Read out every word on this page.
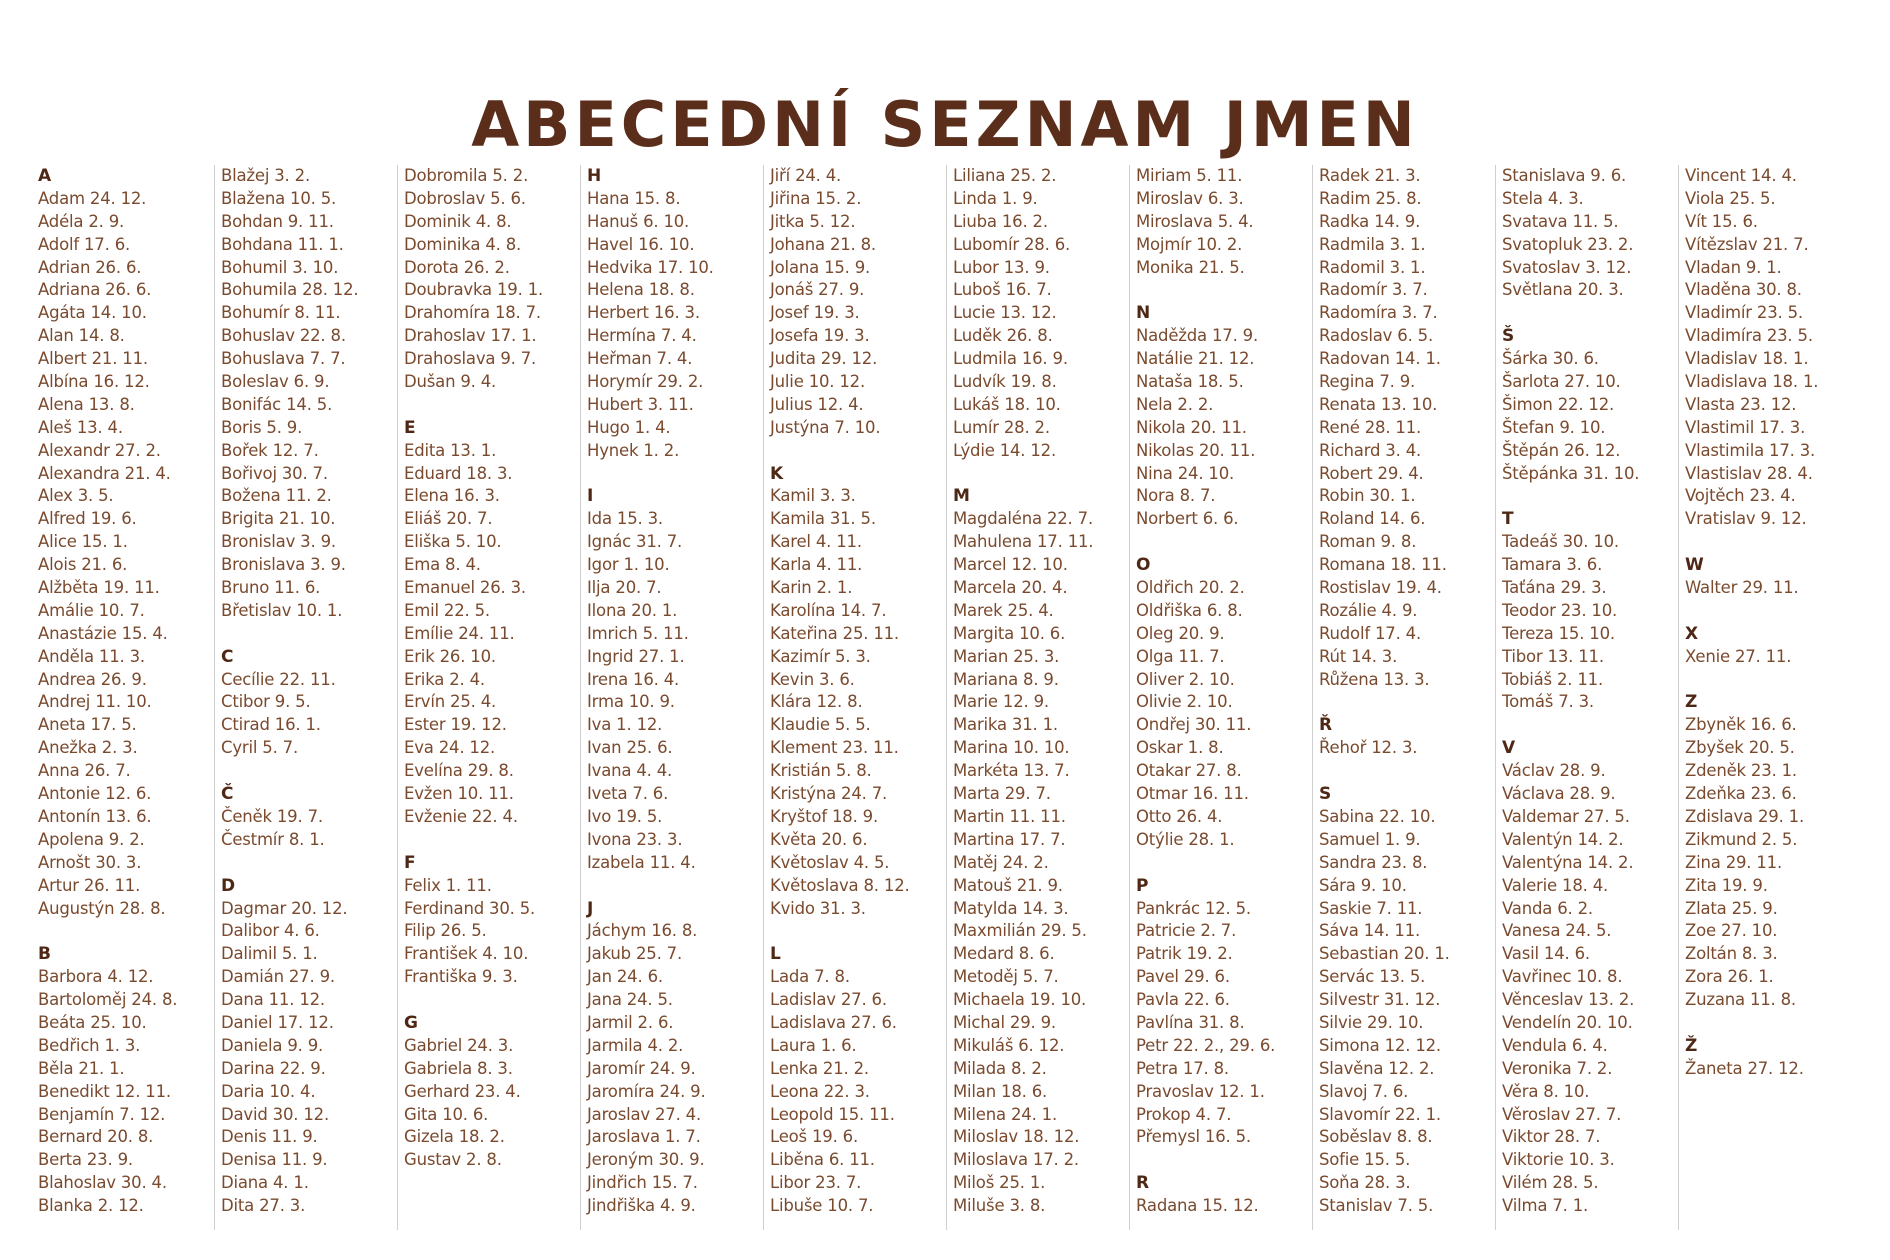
ABECEDNÍ SEZNAM JMEN
A
Adam 24. 12.
Adéla 2. 9.
Adolf 17. 6.
Adrian 26. 6.
Adriana 26. 6.
Agáta 14. 10.
Alan 14. 8.
Albert 21. 11.
Albína 16. 12.
Alena 13. 8.
Aleš 13. 4.
Alexandr 27. 2.
Alexandra 21. 4.
Alex 3. 5.
Alfred 19. 6.
Alice 15. 1.
Alois 21. 6.
Alžběta 19. 11.
Amálie 10. 7.
Anastázie 15. 4.
Anděla 11. 3.
Andrea 26. 9.
Andrej 11. 10.
Aneta 17. 5.
Anežka 2. 3.
Anna 26. 7.
Antonie 12. 6.
Antonín 13. 6.
Apolena 9. 2.
Arnošt 30. 3.
Artur 26. 11.
Augustýn 28. 8.
B
Barbora 4. 12.
Bartoloměj 24. 8.
Beáta 25. 10.
Bedřich 1. 3.
Běla 21. 1.
Benedikt 12. 11.
Benjamín 7. 12.
Bernard 20. 8.
Berta 23. 9.
Blahoslav 30. 4.
Blanka 2. 12.
Blažej 3. 2.
Blažena 10. 5.
Bohdan 9. 11.
Bohdana 11. 1.
Bohumil 3. 10.
Bohumila 28. 12.
Bohumír 8. 11.
Bohuslav 22. 8.
Bohuslava 7. 7.
Boleslav 6. 9.
Bonifác 14. 5.
Boris 5. 9.
Bořek 12. 7.
Bořivoj 30. 7.
Božena 11. 2.
Brigita 21. 10.
Bronislav 3. 9.
Bronislava 3. 9.
Bruno 11. 6.
Břetislav 10. 1.
C
Cecílie 22. 11.
Ctibor 9. 5.
Ctirad 16. 1.
Cyril 5. 7.
Č
Čeněk 19. 7.
Čestmír 8. 1.
D
Dagmar 20. 12.
Dalibor 4. 6.
Dalimil 5. 1.
Damián 27. 9.
Dana 11. 12.
Daniel 17. 12.
Daniela 9. 9.
Darina 22. 9.
Daria 10. 4.
David 30. 12.
Denis 11. 9.
Denisa 11. 9.
Diana 4. 1.
Dita 27. 3.
Dobromila 5. 2.
Dobroslav 5. 6.
Dominik 4. 8.
Dominika 4. 8.
Dorota 26. 2.
Doubravka 19. 1.
Drahomíra 18. 7.
Drahoslav 17. 1.
Drahoslava 9. 7.
Dušan 9. 4.
E
Edita 13. 1.
Eduard 18. 3.
Elena 16. 3.
Eliáš 20. 7.
Eliška 5. 10.
Ema 8. 4.
Emanuel 26. 3.
Emil 22. 5.
Emílie 24. 11.
Erik 26. 10.
Erika 2. 4.
Ervín 25. 4.
Ester 19. 12.
Eva 24. 12.
Evelína 29. 8.
Evžen 10. 11.
Evženie 22. 4.
F
Felix 1. 11.
Ferdinand 30. 5.
Filip 26. 5.
František 4. 10.
Františka 9. 3.
G
Gabriel 24. 3.
Gabriela 8. 3.
Gerhard 23. 4.
Gita 10. 6.
Gizela 18. 2.
Gustav 2. 8.
H
Hana 15. 8.
Hanuš 6. 10.
Havel 16. 10.
Hedvika 17. 10.
Helena 18. 8.
Herbert 16. 3.
Hermína 7. 4.
Heřman 7. 4.
Horymír 29. 2.
Hubert 3. 11.
Hugo 1. 4.
Hynek 1. 2.
I
Ida 15. 3.
Ignác 31. 7.
Igor 1. 10.
Ilja 20. 7.
Ilona 20. 1.
Imrich 5. 11.
Ingrid 27. 1.
Irena 16. 4.
Irma 10. 9.
Iva 1. 12.
Ivan 25. 6.
Ivana 4. 4.
Iveta 7. 6.
Ivo 19. 5.
Ivona 23. 3.
Izabela 11. 4.
J
Jáchym 16. 8.
Jakub 25. 7.
Jan 24. 6.
Jana 24. 5.
Jarmil 2. 6.
Jarmila 4. 2.
Jaromír 24. 9.
Jaromíra 24. 9.
Jaroslav 27. 4.
Jaroslava 1. 7.
Jeroným 30. 9.
Jindřich 15. 7.
Jindřiška 4. 9.
Jiří 24. 4.
Jiřina 15. 2.
Jitka 5. 12.
Johana 21. 8.
Jolana 15. 9.
Jonáš 27. 9.
Josef 19. 3.
Josefa 19. 3.
Judita 29. 12.
Julie 10. 12.
Julius 12. 4.
Justýna 7. 10.
K
Kamil 3. 3.
Kamila 31. 5.
Karel 4. 11.
Karla 4. 11.
Karin 2. 1.
Karolína 14. 7.
Kateřina 25. 11.
Kazimír 5. 3.
Kevin 3. 6.
Klára 12. 8.
Klaudie 5. 5.
Klement 23. 11.
Kristián 5. 8.
Kristýna 24. 7.
Kryštof 18. 9.
Květa 20. 6.
Květoslav 4. 5.
Květoslava 8. 12.
Kvido 31. 3.
L
Lada 7. 8.
Ladislav 27. 6.
Ladislava 27. 6.
Laura 1. 6.
Lenka 21. 2.
Leona 22. 3.
Leopold 15. 11.
Leoš 19. 6.
Liběna 6. 11.
Libor 23. 7.
Libuše 10. 7.
Liliana 25. 2.
Linda 1. 9.
Liuba 16. 2.
Lubomír 28. 6.
Lubor 13. 9.
Luboš 16. 7.
Lucie 13. 12.
Luděk 26. 8.
Ludmila 16. 9.
Ludvík 19. 8.
Lukáš 18. 10.
Lumír 28. 2.
Lýdie 14. 12.
M
Magdaléna 22. 7.
Mahulena 17. 11.
Marcel 12. 10.
Marcela 20. 4.
Marek 25. 4.
Margita 10. 6.
Marian 25. 3.
Mariana 8. 9.
Marie 12. 9.
Marika 31. 1.
Marina 10. 10.
Markéta 13. 7.
Marta 29. 7.
Martin 11. 11.
Martina 17. 7.
Matěj 24. 2.
Matouš 21. 9.
Matylda 14. 3.
Maxmilián 29. 5.
Medard 8. 6.
Metoděj 5. 7.
Michaela 19. 10.
Michal 29. 9.
Mikuláš 6. 12.
Milada 8. 2.
Milan 18. 6.
Milena 24. 1.
Miloslav 18. 12.
Miloslava 17. 2.
Miloš 25. 1.
Miluše 3. 8.
Miriam 5. 11.
Miroslav 6. 3.
Miroslava 5. 4.
Mojmír 10. 2.
Monika 21. 5.
N
Naděžda 17. 9.
Natálie 21. 12.
Nataša 18. 5.
Nela 2. 2.
Nikola 20. 11.
Nikolas 20. 11.
Nina 24. 10.
Nora 8. 7.
Norbert 6. 6.
O
Oldřich 20. 2.
Oldřiška 6. 8.
Oleg 20. 9.
Olga 11. 7.
Oliver 2. 10.
Olivie 2. 10.
Ondřej 30. 11.
Oskar 1. 8.
Otakar 27. 8.
Otmar 16. 11.
Otto 26. 4.
Otýlie 28. 1.
P
Pankrác 12. 5.
Patricie 2. 7.
Patrik 19. 2.
Pavel 29. 6.
Pavla 22. 6.
Pavlína 31. 8.
Petr 22. 2., 29. 6.
Petra 17. 8.
Pravoslav 12. 1.
Prokop 4. 7.
Přemysl 16. 5.
R
Radana 15. 12.
Radek 21. 3.
Radim 25. 8.
Radka 14. 9.
Radmila 3. 1.
Radomil 3. 1.
Radomír 3. 7.
Radomíra 3. 7.
Radoslav 6. 5.
Radovan 14. 1.
Regina 7. 9.
Renata 13. 10.
René 28. 11.
Richard 3. 4.
Robert 29. 4.
Robin 30. 1.
Roland 14. 6.
Roman 9. 8.
Romana 18. 11.
Rostislav 19. 4.
Rozálie 4. 9.
Rudolf 17. 4.
Rút 14. 3.
Růžena 13. 3.
Ř
Řehoř 12. 3.
S
Sabina 22. 10.
Samuel 1. 9.
Sandra 23. 8.
Sára 9. 10.
Saskie 7. 11.
Sáva 14. 11.
Sebastian 20. 1.
Servác 13. 5.
Silvestr 31. 12.
Silvie 29. 10.
Simona 12. 12.
Slavěna 12. 2.
Slavoj 7. 6.
Slavomír 22. 1.
Soběslav 8. 8.
Sofie 15. 5.
Soňa 28. 3.
Stanislav 7. 5.
Stanislava 9. 6.
Stela 4. 3.
Svatava 11. 5.
Svatopluk 23. 2.
Svatoslav 3. 12.
Světlana 20. 3.
Š
Šárka 30. 6.
Šarlota 27. 10.
Šimon 22. 12.
Štefan 9. 10.
Štěpán 26. 12.
Štěpánka 31. 10.
T
Tadeáš 30. 10.
Tamara 3. 6.
Taťána 29. 3.
Teodor 23. 10.
Tereza 15. 10.
Tibor 13. 11.
Tobiáš 2. 11.
Tomáš 7. 3.
V
Václav 28. 9.
Václava 28. 9.
Valdemar 27. 5.
Valentýn 14. 2.
Valentýna 14. 2.
Valerie 18. 4.
Vanda 6. 2.
Vanesa 24. 5.
Vasil 14. 6.
Vavřinec 10. 8.
Věnceslav 13. 2.
Vendelín 20. 10.
Vendula 6. 4.
Veronika 7. 2.
Věra 8. 10.
Věroslav 27. 7.
Viktor 28. 7.
Viktorie 10. 3.
Vilém 28. 5.
Vilma 7. 1.
Vincent 14. 4.
Viola 25. 5.
Vít 15. 6.
Vítězslav 21. 7.
Vladan 9. 1.
Vladěna 30. 8.
Vladimír 23. 5.
Vladimíra 23. 5.
Vladislav 18. 1.
Vladislava 18. 1.
Vlasta 23. 12.
Vlastimil 17. 3.
Vlastimila 17. 3.
Vlastislav 28. 4.
Vojtěch 23. 4.
Vratislav 9. 12.
W
Walter 29. 11.
X
Xenie 27. 11.
Z
Zbyněk 16. 6.
Zbyšek 20. 5.
Zdeněk 23. 1.
Zdeňka 23. 6.
Zdislava 29. 1.
Zikmund 2. 5.
Zina 29. 11.
Zita 19. 9.
Zlata 25. 9.
Zoe 27. 10.
Zoltán 8. 3.
Zora 26. 1.
Zuzana 11. 8.
Ž
Žaneta 27. 12.
